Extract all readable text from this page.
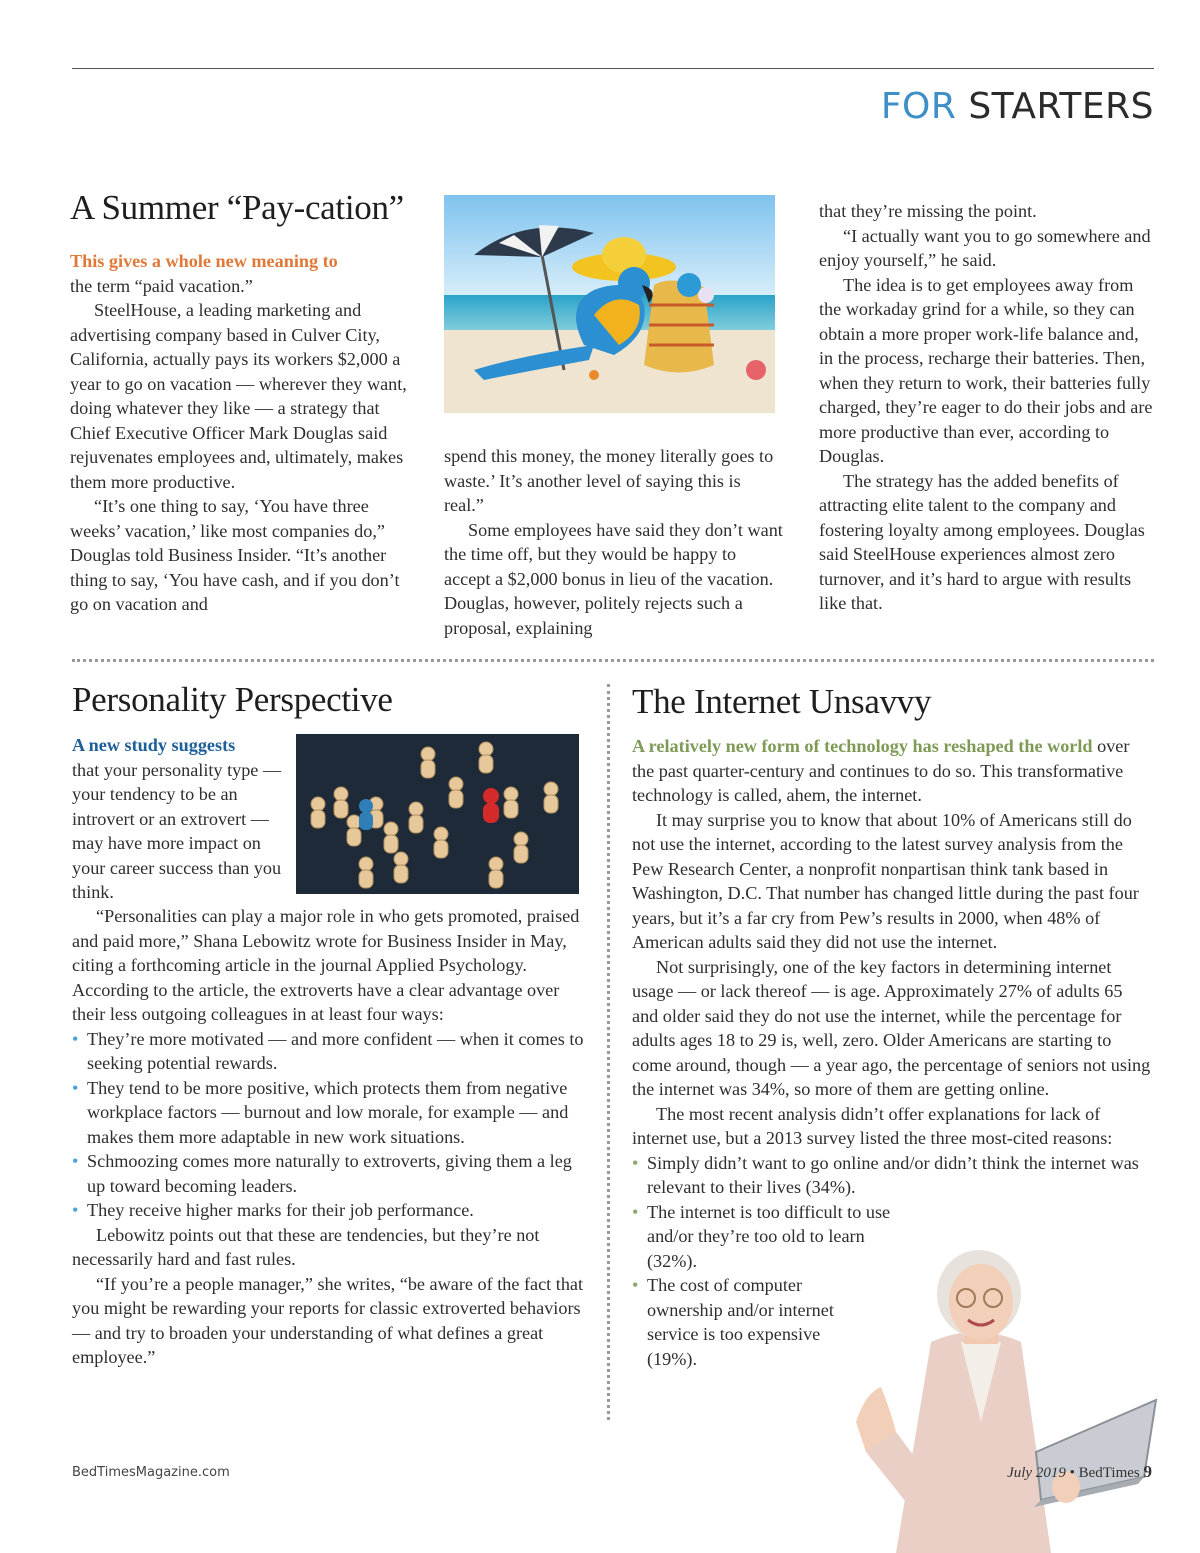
FOR STARTERS
A Summer “Pay-cation”

This gives a whole new meaning to
the term “paid vacation.”

SteelHouse, a leading marketing and advertising company based in Culver City, California, actually pays its workers $2,000 a year to go on vacation — wherever they want, doing whatever they like — a strategy that Chief Executive Officer Mark Douglas said rejuvenates employees and, ultimately, makes them more productive.

“It’s one thing to say, ‘You have three weeks’ vacation,’ like most companies do,” Douglas told Business Insider. “It’s another thing to say, ‘You have cash, and if you don’t go on vacation and

spend this money, the money literally goes to waste.’ It’s another level of saying this is real.”

Some employees have said they don’t want the time off, but they would be happy to accept a $2,000 bonus in lieu of the vacation. Douglas, however, politely rejects such a proposal, explaining

that they’re missing the point.

“I actually want you to go somewhere and enjoy yourself,” he said.

The idea is to get employees away from the workaday grind for a while, so they can obtain a more proper work-life balance and, in the process, recharge their batteries. Then, when they return to work, their batteries fully charged, they’re eager to do their jobs and are more productive than ever, according to Douglas.

The strategy has the added benefits of attracting elite talent to the company and fostering loyalty among employees. Douglas said SteelHouse experiences almost zero turnover, and it’s hard to argue with results like that.

Personality Perspective

A new study suggests
that your personality type — your tendency to be an introvert or an extrovert — may have more impact on your career success than you think.

“Personalities can play a major role in who gets promoted, praised and paid more,” Shana Lebowitz wrote for Business Insider in May, citing a forthcoming article in the journal Applied Psychology. According to the article, the extroverts have a clear advantage over their less outgoing colleagues in at least four ways:

• They’re more motivated — and more confident — when it comes to seeking potential rewards.
• They tend to be more positive, which protects them from negative workplace factors — burnout and low morale, for example — and makes them more adaptable in new work situations.
• Schmoozing comes more naturally to extroverts, giving them a leg up toward becoming leaders.
• They receive higher marks for their job performance.

Lebowitz points out that these are tendencies, but they’re not necessarily hard and fast rules.

“If you’re a people manager,” she writes, “be aware of the fact that you might be rewarding your reports for classic extroverted behaviors — and try to broaden your understanding of what defines a great employee.”

The Internet Unsavvy

A relatively new form of technology has reshaped the world over the past quarter-century and continues to do so. This transformative technology is called, ahem, the internet.

It may surprise you to know that about 10% of Americans still do not use the internet, according to the latest survey analysis from the Pew Research Center, a nonprofit nonpartisan think tank based in Washington, D.C. That number has changed little during the past four years, but it’s a far cry from Pew’s results in 2000, when 48% of American adults said they did not use the internet.

Not surprisingly, one of the key factors in determining internet usage — or lack thereof — is age. Approximately 27% of adults 65 and older said they do not use the internet, while the percentage for adults ages 18 to 29 is, well, zero. Older Americans are starting to come around, though — a year ago, the percentage of seniors not using the internet was 34%, so more of them are getting online.

The most recent analysis didn’t offer explanations for lack of internet use, but a 2013 survey listed the three most-cited reasons:

• Simply didn’t want to go online and/or didn’t think the internet was relevant to their lives (34%).
• The internet is too difficult to use and/or they’re too old to learn (32%).
• The cost of computer ownership and/or internet service is too expensive (19%).
BedTimesMagazine.com	July 2019 • BedTimes 9
